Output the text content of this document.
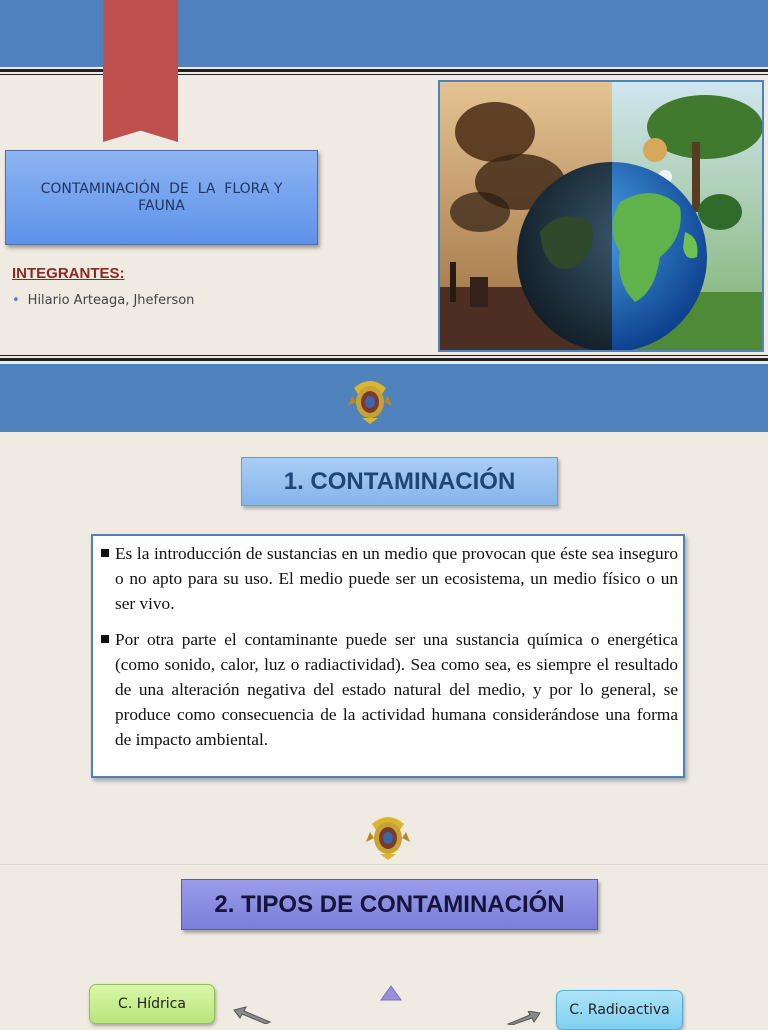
CONTAMINACIÓN  DE  LA  FLORA Y FAUNA
INTEGRANTES:
• Hilario Arteaga, Jheferson
1. CONTAMINACIÓN
Es la introducción de sustancias en un medio que provocan que éste sea inseguro o no apto para su uso. El medio puede ser un ecosistema, un medio físico o un ser vivo.
Por otra parte el contaminante puede ser una sustancia química o energética (como sonido, calor, luz o radiactividad). Sea como sea, es siempre el resultado de una alteración negativa del estado natural del medio, y por lo general, se produce como consecuencia de la actividad humana considerándose una forma de impacto ambiental.
2. TIPOS DE CONTAMINACIÓN
C. Hídrica	C. Radioactiva
